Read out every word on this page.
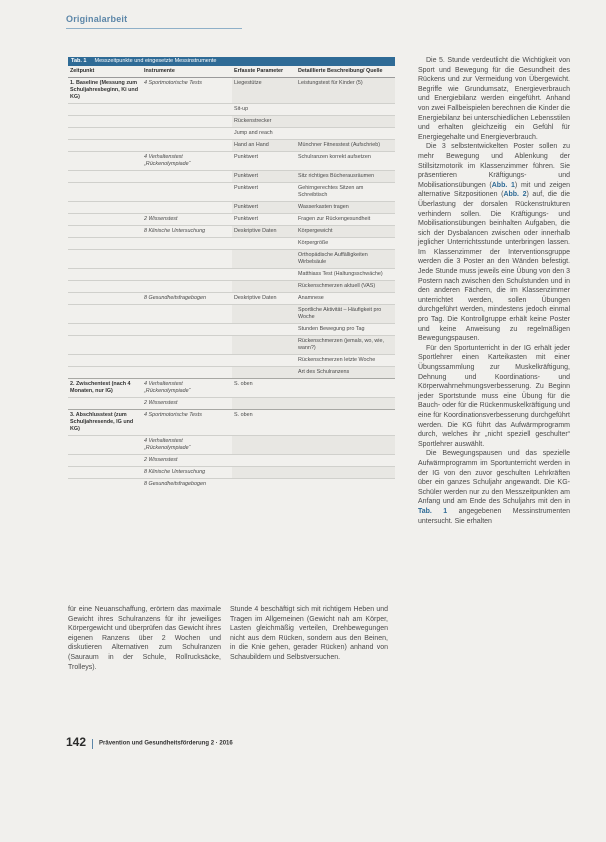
Originalarbeit
Tab. 1 Messzeitpunkte und eingesetzte Messinstrumente
Zeitpunkt	Instrumente	Erfasste Parameter	Detaillierte Beschreibung/ Quelle
1. Baseline (Messung zum Schuljahresbeginn, Ki und KG)	4 Sportmotorische Tests	Liegestütze	Leistungstest für Kinder (5)
		Sit-up	
		Rückenstrecker	
		Jump and reach	
		Hand an Hand	Münchner Fitnesstest (Aufschrieb)
	4 Verhaltenstest „Rückenolympiade“	Punktwert	Schulranzen korrekt aufsetzen
		Punktwert	Sitz richtiges Bücherausräumen
		Punktwert	Gehirngerechtes Sitzen am Schreibtisch
		Punktwert	Wasserkasten tragen
	2 Wissenstest	Punktwert	Fragen zur Rückengesundheit
	8 Klinische Untersuchung	Deskriptive Daten	Körpergewicht
			Körpergröße
			Orthopädische Auffälligkeiten Wirbelsäule
			Matthiass Test (Haltungsschwäche)
			Rückenschmerzen aktuell (VAS)
	8 Gesundheitsfragebogen	Deskriptive Daten	Anamnese
			Sportliche Aktivität – Häufigkeit pro Woche
			Stunden Bewegung pro Tag
			Rückenschmerzen (jemals, wo, wie, wann?)
			Rückenschmerzen letzte Woche
			Art des Schulranzens
2. Zwischentest (nach 4 Monaten, nur IG)	4 Verhaltenstest „Rückenolympiade“	S. oben	
	2 Wissenstest		
3. Abschlusstest (zum Schuljahresende, IG und KG)	4 Sportmotorische Tests	S. oben	
	4 Verhaltenstest „Rückenolympiade“		
	2 Wissenstest		
	8 Klinische Untersuchung		
	8 Gesundheitsfragebogen		

für eine Neuanschaffung, erörtern das maximale Gewicht ihres Schulranzens für ihr jeweiliges Körpergewicht und überprüfen das Gewicht ihres eigenen Ranzens über 2 Wochen und diskutieren Alternativen zum Schulranzen (Sauraum in der Schule, Rollrucksäcke, Trolleys).

Stunde 4 beschäftigt sich mit richtigem Heben und Tragen im Allgemeinen (Gewicht nah am Körper, Lasten gleichmäßig verteilen, Drehbewegungen nicht aus dem Rücken, sondern aus den Beinen, in die Knie gehen, gerader Rücken) anhand von Schaubildern und Selbstversuchen.

Die 5. Stunde verdeutlicht die Wichtigkeit von Sport und Bewegung für die Gesundheit des Rückens und zur Vermeidung von Übergewicht. Begriffe wie Grundumsatz, Energieverbrauch und Energiebilanz werden eingeführt. Anhand von zwei Fallbeispielen berechnen die Kinder die Energiebilanz bei unterschiedlichen Lebensstilen und erhalten gleichzeitig ein Gefühl für Energiegehalte und Energieverbrauch.

Die 3 selbstentwickelten Poster sollen zu mehr Bewegung und Ablenkung der Stillsitzmotorik im Klassenzimmer führen. Sie präsentieren Kräftigungs- und Mobilisationsübungen (Abb. 1) mit und zeigen alternative Sitzpositionen (Abb. 2) auf, die die Überlastung der dorsalen Rückenstrukturen verhindern sollen. Die Kräftigungs- und Mobilisationsübungen beinhalten Aufgaben, die sich der Dysbalancen zwischen oder innerhalb jeglicher Unterrichtsstunde unterbringen lassen. Im Klassenzimmer der Interventionsgruppe werden die 3 Poster an den Wänden befestigt. Jede Stunde muss jeweils eine Übung von den 3 Postern nach zwischen den Schulstunden und in den anderen Fächern, die im Klassenzimmer unterrichtet werden, sollen Übungen durchgeführt werden, mindestens jedoch einmal pro Tag. Die Kontrollgruppe erhält keine Poster und keine Anweisung zu regelmäßigen Bewegungspausen.

Für den Sportunterricht in der IG erhält jeder Sportlehrer einen Karteikasten mit einer Übungssammlung zur Muskelkräftigung, Dehnung und Koordinations- und Körperwahrnehmungsverbesserung. Zu Beginn jeder Sportstunde muss eine Übung für die Bauch- oder für die Rückenmuskelkräftigung und eine für Koordinationsverbesserung durchgeführt werden. Die KG führt das Aufwärmprogramm durch, welches ihr „nicht speziell geschulter“ Sportlehrer auswählt.

Die Bewegungspausen und das spezielle Aufwärmprogramm im Sportunterricht werden in der IG von den zuvor geschulten Lehrkräften über ein ganzes Schuljahr angewandt. Die KG-Schüler werden nur zu den Messzeitpunkten am Anfang und am Ende des Schuljahrs mit den in Tab. 1 angegebenen Messinstrumenten untersucht. Sie erhalten

142 Prävention und Gesundheitsförderung 2 · 2016
